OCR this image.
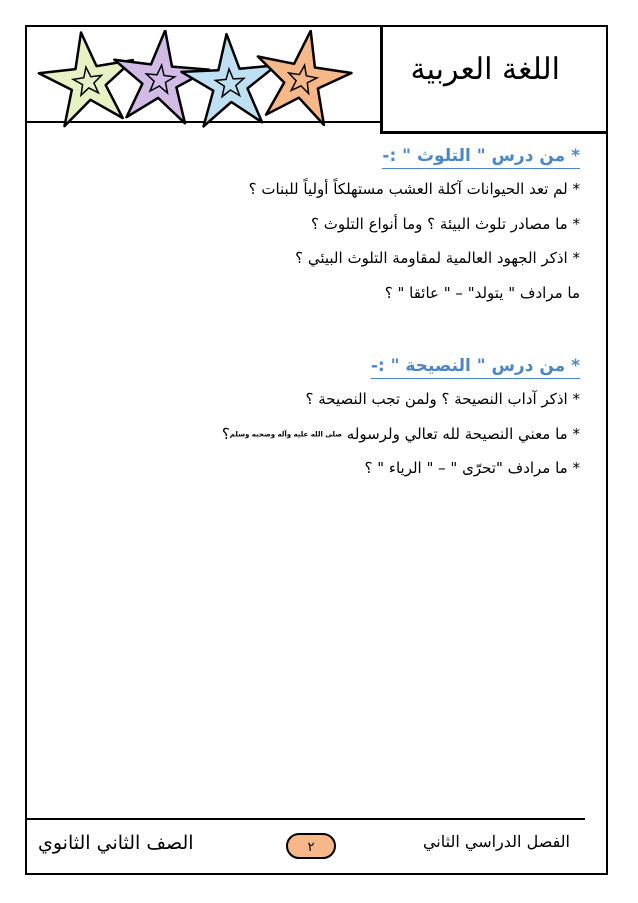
اللغة العربية
* من درس " التلوث " :-
* لم تعد الحيوانات آكلة العشب مستهلكاً أولياً للبنات ؟
* ما مصادر تلوث البيئة ؟ وما أنواع التلوث ؟
* اذكر الجهود العالمية لمقاومة التلوث البيئي ؟
ما مرادف " يتولد" – " عائقا " ؟
* من درس " النصيحة " :-
* اذكر آداب النصيحة ؟ ولمن تجب النصيحة ؟
* ما معني النصيحة لله تعالي ولرسوله صلى الله عليه وآله وصحبه وسلم؟
* ما مرادف "تحرّى " – " الرياء " ؟
الصف الثاني الثانوي	٢	الفصل الدراسي الثاني
